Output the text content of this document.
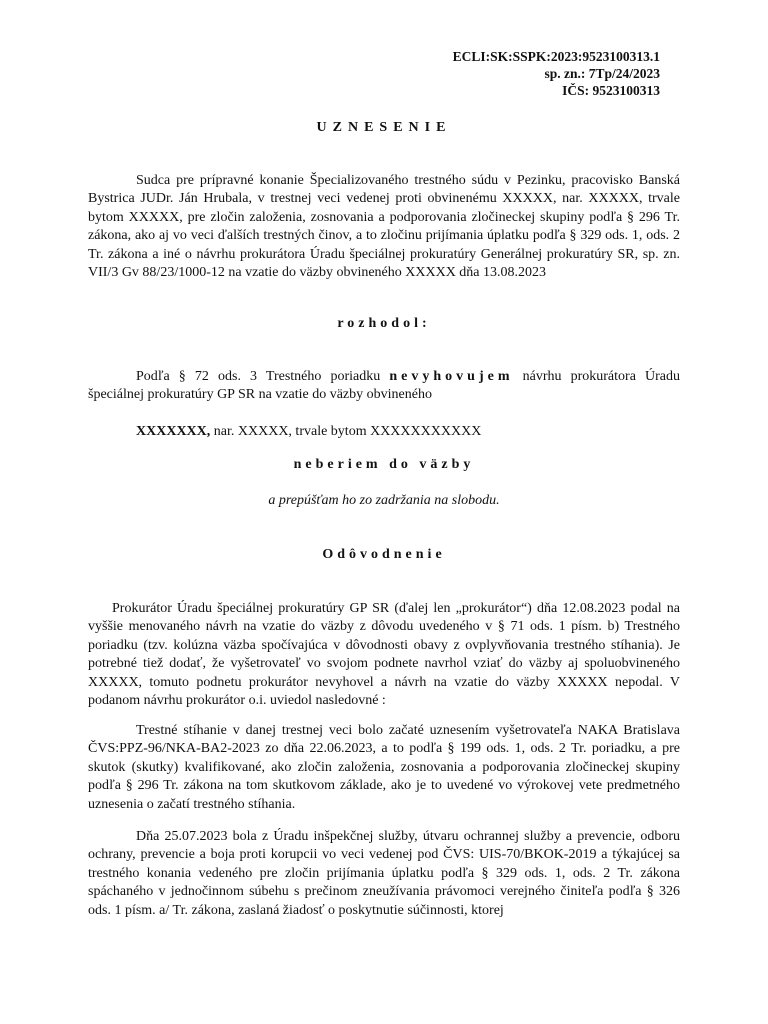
ECLI:SK:SSPK:2023:9523100313.1
sp. zn.: 7Tp/24/2023
IČS: 9523100313
UZNESENIE
Sudca pre prípravné konanie Špecializovaného trestného súdu v Pezinku, pracovisko Banská Bystrica JUDr. Ján Hrubala, v trestnej veci vedenej proti obvinenému XXXXX, nar. XXXXX, trvale bytom XXXXX, pre zločin založenia, zosnovania a podporovania zločineckej skupiny podľa § 296 Tr. zákona, ako aj vo veci ďalších trestných činov, a to zločinu prijímania úplatku podľa § 329 ods. 1, ods. 2 Tr. zákona a iné o návrhu prokurátora Úradu špeciálnej prokuratúry Generálnej prokuratúry SR, sp. zn. VII/3 Gv 88/23/1000-12 na vzatie do väzby obvineného XXXXX dňa 13.08.2023
rozhodol:
Podľa § 72 ods. 3 Trestného poriadku nevyhovujem návrhu prokurátora Úradu špeciálnej prokuratúry GP SR na vzatie do väzby obvineného
XXXXXXX, nar. XXXXX, trvale bytom XXXXXXXXXXX
neberiem do väzby
a prepúšťam ho zo zadržania na slobodu.
Odôvodnenie
Prokurátor Úradu špeciálnej prokuratúry GP SR (ďalej len „prokurátor“) dňa 12.08.2023 podal na vyššie menovaného návrh na vzatie do väzby z dôvodu uvedeného v § 71 ods. 1 písm. b) Trestného poriadku (tzv. kolúzna väzba spočívajúca v dôvodnosti obavy z ovplyvňovania trestného stíhania). Je potrebné tiež dodať, že vyšetrovateľ vo svojom podnete navrhol vziať do väzby aj spoluobvineného XXXXX, tomuto podnetu prokurátor nevyhovel a návrh na vzatie do väzby XXXXX nepodal. V podanom návrhu prokurátor o.i. uviedol nasledovné :
Trestné stíhanie v danej trestnej veci bolo začaté uznesením vyšetrovateľa NAKA Bratislava ČVS:PPZ-96/NKA-BA2-2023 zo dňa 22.06.2023, a to podľa § 199 ods. 1, ods. 2 Tr. poriadku, a pre skutok (skutky) kvalifikované, ako zločin založenia, zosnovania a podporovania zločineckej skupiny podľa § 296 Tr. zákona na tom skutkovom základe, ako je to uvedené vo výrokovej vete predmetného uznesenia o začatí trestného stíhania.
Dňa 25.07.2023 bola z Úradu inšpekčnej služby, útvaru ochrannej služby a prevencie, odboru ochrany, prevencie a boja proti korupcii vo veci vedenej pod ČVS: UIS-70/BKOK-2019 a týkajúcej sa trestného konania vedeného pre zločin prijímania úplatku podľa § 329 ods. 1, ods. 2 Tr. zákona spáchaného v jednočinnom súbehu s prečinom zneužívania právomoci verejného činiteľa podľa § 326 ods. 1 písm. a/ Tr. zákona, zaslaná žiadosť o poskytnutie súčinnosti, ktorej
